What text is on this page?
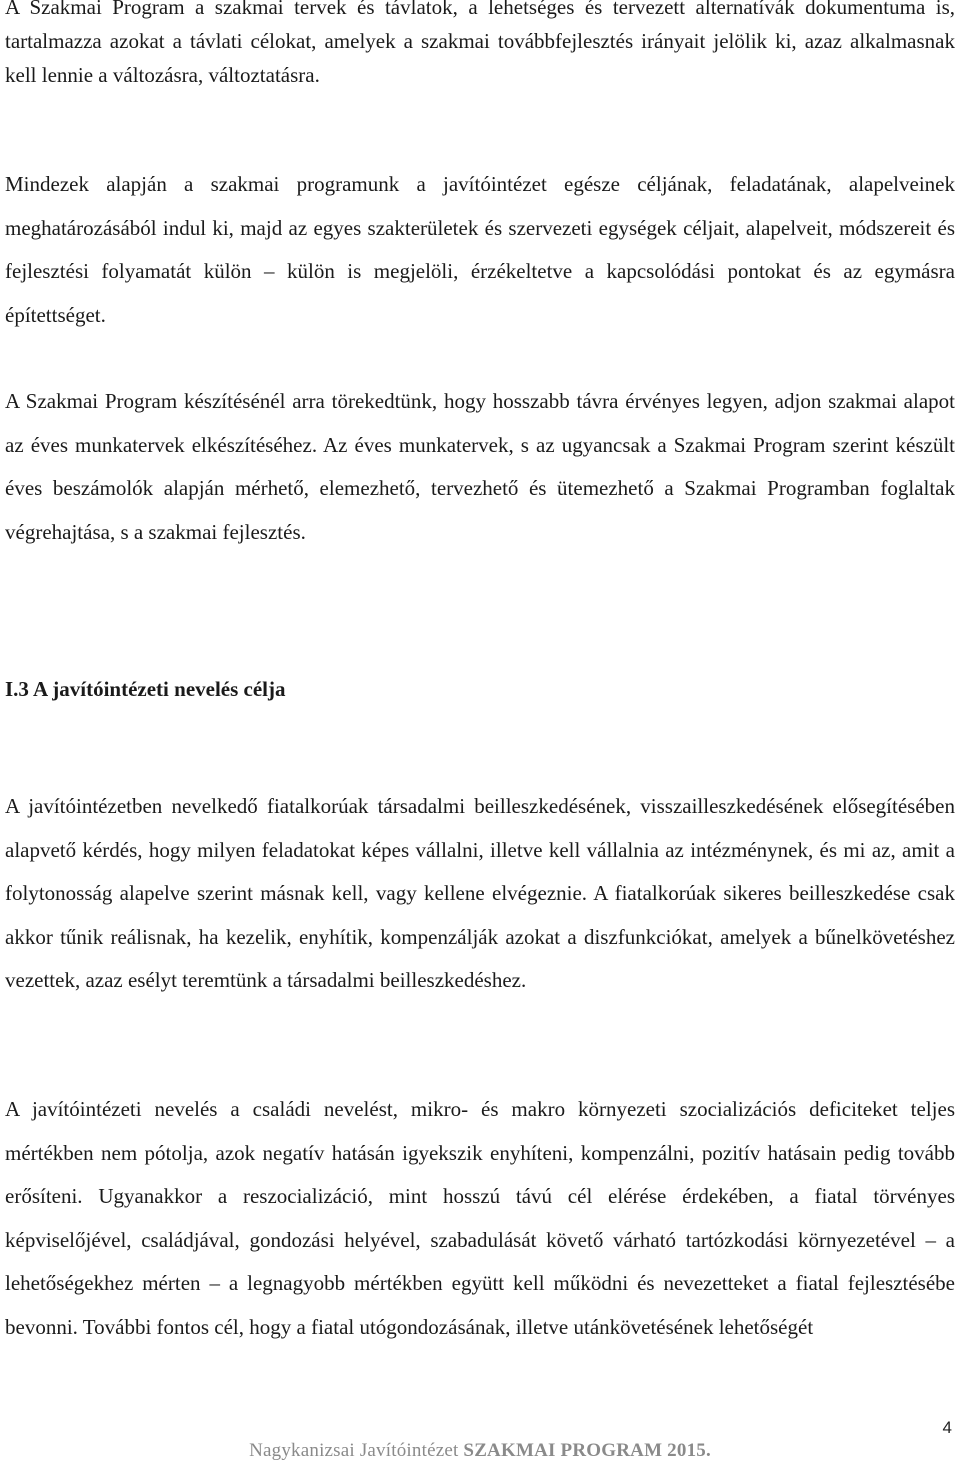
A Szakmai Program a szakmai tervek és távlatok, a lehetséges és tervezett alternatívák dokumentuma is, tartalmazza azokat a távlati célokat, amelyek a szakmai továbbfejlesztés irányait jelölik ki, azaz alkalmasnak kell lennie a változásra, változtatásra.

Mindezek alapján a szakmai programunk a javítóintézet egésze céljának, feladatának, alapelveinek meghatározásából indul ki, majd az egyes szakterületek és szervezeti egységek céljait, alapelveit, módszereit és fejlesztési folyamatát külön – külön is megjelöli, érzékeltetve a kapcsolódási pontokat és az egymásra építettséget.

A Szakmai Program készítésénél arra törekedtünk, hogy hosszabb távra érvényes legyen, adjon szakmai alapot az éves munkatervek elkészítéséhez. Az éves munkatervek, s az ugyancsak a Szakmai Program szerint készült éves beszámolók alapján mérhető, elemezhető, tervezhető és ütemezhető a Szakmai Programban foglaltak végrehajtása, s a szakmai fejlesztés.

I.3 A javítóintézeti nevelés célja

A javítóintézetben nevelkedő fiatalkorúak társadalmi beilleszkedésének, visszailleszkedésének elősegítésében alapvető kérdés, hogy milyen feladatokat képes vállalni, illetve kell vállalnia az intézménynek, és mi az, amit a folytonosság alapelve szerint másnak kell, vagy kellene elvégeznie. A fiatalkorúak sikeres beilleszkedése csak akkor tűnik reálisnak, ha kezelik, enyhítik, kompenzálják azokat a diszfunkciókat, amelyek a bűnelkövetéshez vezettek, azaz esélyt teremtünk a társadalmi beilleszkedéshez.

A javítóintézeti nevelés a családi nevelést, mikro- és makro környezeti szocializációs deficiteket teljes mértékben nem pótolja, azok negatív hatásán igyekszik enyhíteni, kompenzálni, pozitív hatásain pedig tovább erősíteni. Ugyanakkor a reszocializáció, mint hosszú távú cél elérése érdekében, a fiatal törvényes képviselőjével, családjával, gondozási helyével, szabadulását követő várható tartózkodási környezetével – a lehetőségekhez mérten – a legnagyobb mértékben együtt kell működni és nevezetteket a fiatal fejlesztésébe bevonni. További fontos cél, hogy a fiatal utógondozásának, illetve utánkövetésének lehetőségét

4
Nagykanizsai Javítóintézet SZAKMAI PROGRAM 2015.
